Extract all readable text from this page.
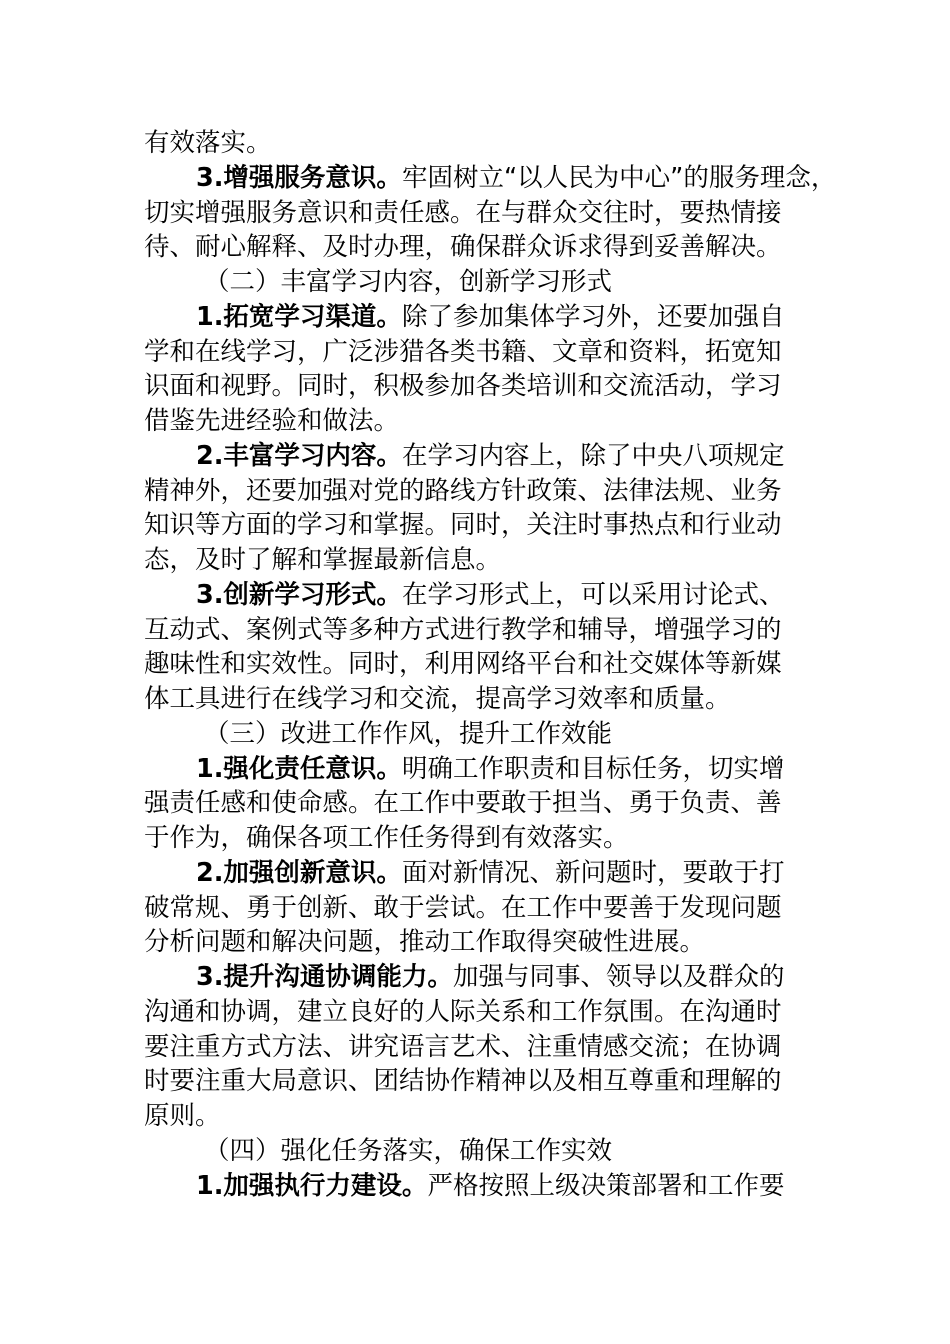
有效落实。
3.增强服务意识。牢固树立“以人民为中心”的服务理念，
切实增强服务意识和责任感。在与群众交往时，要热情接
待、耐心解释、及时办理，确保群众诉求得到妥善解决。
（二）丰富学习内容，创新学习形式
1.拓宽学习渠道。除了参加集体学习外，还要加强自
学和在线学习，广泛涉猎各类书籍、文章和资料，拓宽知
识面和视野。同时，积极参加各类培训和交流活动，学习
借鉴先进经验和做法。
2.丰富学习内容。在学习内容上，除了中央八项规定
精神外，还要加强对党的路线方针政策、法律法规、业务
知识等方面的学习和掌握。同时，关注时事热点和行业动
态，及时了解和掌握最新信息。
3.创新学习形式。在学习形式上，可以采用讨论式、
互动式、案例式等多种方式进行教学和辅导，增强学习的
趣味性和实效性。同时，利用网络平台和社交媒体等新媒
体工具进行在线学习和交流，提高学习效率和质量。
（三）改进工作作风，提升工作效能
1.强化责任意识。明确工作职责和目标任务，切实增
强责任感和使命感。在工作中要敢于担当、勇于负责、善
于作为，确保各项工作任务得到有效落实。
2.加强创新意识。面对新情况、新问题时，要敢于打
破常规、勇于创新、敢于尝试。在工作中要善于发现问题
分析问题和解决问题，推动工作取得突破性进展。
3.提升沟通协调能力。加强与同事、领导以及群众的
沟通和协调，建立良好的人际关系和工作氛围。在沟通时
要注重方式方法、讲究语言艺术、注重情感交流；在协调
时要注重大局意识、团结协作精神以及相互尊重和理解的
原则。
（四）强化任务落实，确保工作实效
1.加强执行力建设。严格按照上级决策部署和工作要
